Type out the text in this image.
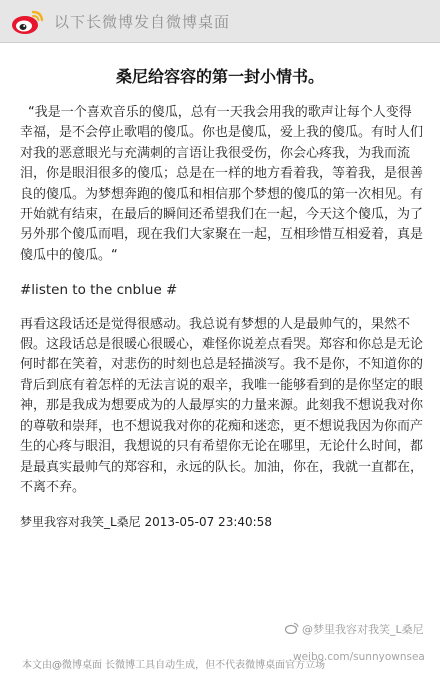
以下长微博发自微博桌面
桑尼给容容的第一封小情书。

“我是一个喜欢音乐的傻瓜，总有一天我会用我的歌声让每个人变得幸福，是不会停止歌唱的傻瓜。你也是傻瓜，爱上我的傻瓜。有时人们对我的恶意眼光与充满刺的言语让我很受伤，你会心疼我，为我而流泪，你是眼泪很多的傻瓜；总是在一样的地方看着我，等着我，是很善良的傻瓜。为梦想奔跑的傻瓜和相信那个梦想的傻瓜的第一次相见。有开始就有结束，在最后的瞬间还希望我们在一起，今天这个傻瓜，为了另外那个傻瓜而唱，现在我们大家聚在一起，互相珍惜互相爱着，真是傻瓜中的傻瓜。“

#listen to the cnblue #

再看这段话还是觉得很感动。我总说有梦想的人是最帅气的，果然不假。这段话总是很暖心很暖心，难怪你说差点看哭。郑容和你总是无论何时都在笑着，对悲伤的时刻也总是轻描淡写。我不是你，不知道你的背后到底有着怎样的无法言说的艰辛，我唯一能够看到的是你坚定的眼神，那是我成为想要成为的人最厚实的力量来源。此刻我不想说我对你的尊敬和崇拜，也不想说我对你的花痴和迷恋，更不想说我因为你而产生的心疼与眼泪，我想说的只有希望你无论在哪里，无论什么时间，都是最真实最帅气的郑容和，永远的队长。加油，你在，我就一直都在，不离不弃。

梦里我容对我笑_L桑尼 2013-05-07 23:40:58

@梦里我容对我笑_L桑尼
本文由@微博桌面 长微博工具自动生成，但不代表微博桌面官方立场
weibo.com/sunnyownsea
